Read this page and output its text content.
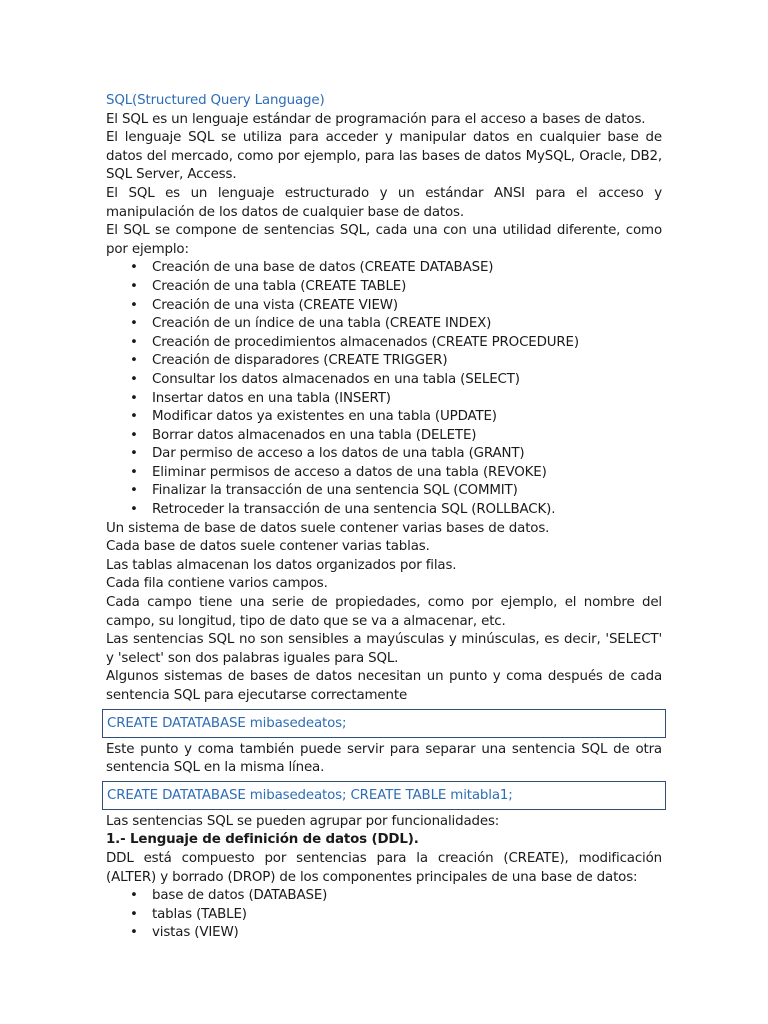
SQL(Structured Query Language)

El SQL es un lenguaje estándar de programación para el acceso a bases de datos.

El lenguaje SQL se utiliza para acceder y manipular datos en cualquier base de datos del mercado, como por ejemplo, para las bases de datos MySQL, Oracle, DB2, SQL Server, Access.

El SQL es un lenguaje estructurado y un estándar ANSI para el acceso y manipulación de los datos de cualquier base de datos.

El SQL se compone de sentencias SQL, cada una con una utilidad diferente, como por ejemplo:

• Creación de una base de datos (CREATE DATABASE)
• Creación de una tabla (CREATE TABLE)
• Creación de una vista (CREATE VIEW)
• Creación de un índice de una tabla (CREATE INDEX)
• Creación de procedimientos almacenados (CREATE PROCEDURE)
• Creación de disparadores (CREATE TRIGGER)
• Consultar los datos almacenados en una tabla (SELECT)
• Insertar datos en una tabla (INSERT)
• Modificar datos ya existentes en una tabla (UPDATE)
• Borrar datos almacenados en una tabla (DELETE)
• Dar permiso de acceso a los datos de una tabla (GRANT)
• Eliminar permisos de acceso a datos de una tabla (REVOKE)
• Finalizar la transacción de una sentencia SQL (COMMIT)
• Retroceder la transacción de una sentencia SQL (ROLLBACK).

Un sistema de base de datos suele contener varias bases de datos.

Cada base de datos suele contener varias tablas.

Las tablas almacenan los datos organizados por filas.

Cada fila contiene varios campos.

Cada campo tiene una serie de propiedades, como por ejemplo, el nombre del campo, su longitud, tipo de dato que se va a almacenar, etc.

Las sentencias SQL no son sensibles a mayúsculas y minúsculas, es decir, 'SELECT' y 'select' son dos palabras iguales para SQL.

Algunos sistemas de bases de datos necesitan un punto y coma después de cada sentencia SQL para ejecutarse correctamente

CREATE DATATABASE mibasedeatos;

Este punto y coma también puede servir para separar una sentencia SQL de otra sentencia SQL en la misma línea.

CREATE DATATABASE mibasedeatos; CREATE TABLE mitabla1;

Las sentencias SQL se pueden agrupar por funcionalidades:

1.- Lenguaje de definición de datos (DDL).

DDL está compuesto por sentencias para la creación (CREATE), modificación (ALTER) y borrado (DROP) de los componentes principales de una base de datos:

• base de datos (DATABASE)
• tablas (TABLE)
• vistas (VIEW)
